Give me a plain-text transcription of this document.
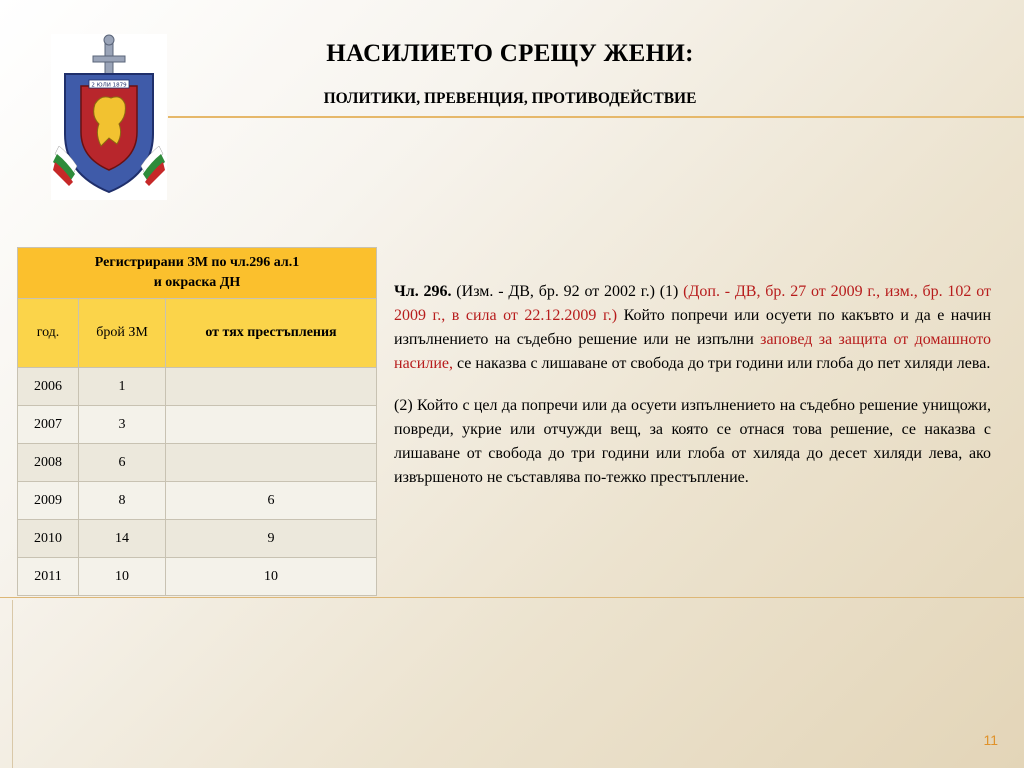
2 ЮЛИ 1879
НАСИЛИЕТО СРЕЩУ ЖЕНИ:
ПОЛИТИКИ, ПРЕВЕНЦИЯ, ПРОТИВОДЕЙСТВИЕ
Регистрирани ЗМ по чл.296 ал.1
и окраска ДН		
год.	брой ЗМ	от тях престъпления
2006	1	
2007	3	
2008	6	
2009	8	6
2010	14	9
2011	10	10

Чл. 296. (Изм. - ДВ, бр. 92 от 2002 г.) (1) (Доп. - ДВ, бр. 27 от 2009 г., изм., бр. 102 от 2009 г., в сила от 22.12.2009 г.) Който попречи или осуети по какъвто и да е начин изпълнението на съдебно решение или не изпълни заповед за защита от домашното насилие, се наказва с лишаване от свобода до три години или глоба до пет хиляди лева.

(2) Който с цел да попречи или да осуети изпълнението на съдебно решение унищожи, повреди, укрие или отчужди вещ, за която се отнася това решение, се наказва с лишаване от свобода до три години или глоба от хиляда до десет хиляди лева, ако извършеното не съставлява по-тежко престъпление.

11
